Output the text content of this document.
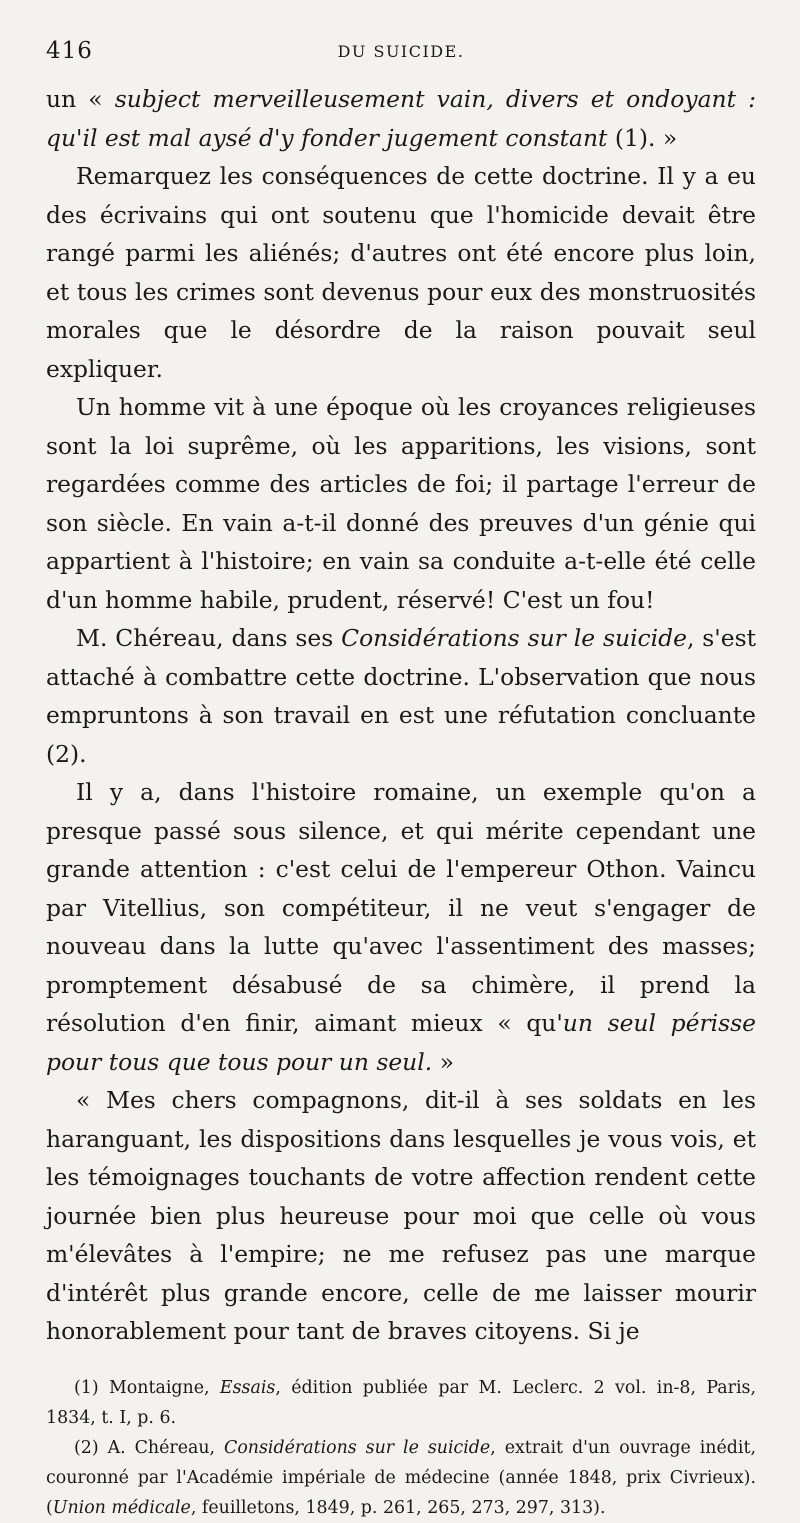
416	DU SUICIDE.

un « subject merveilleusement vain, divers et ondoyant : qu'il est mal aysé d'y fonder jugement constant (1). »

Remarquez les conséquences de cette doctrine. Il y a eu des écrivains qui ont soutenu que l'homicide devait être rangé parmi les aliénés; d'autres ont été encore plus loin, et tous les crimes sont devenus pour eux des monstruosités morales que le désordre de la raison pouvait seul expliquer.

Un homme vit à une époque où les croyances religieuses sont la loi suprême, où les apparitions, les visions, sont regardées comme des articles de foi; il partage l'erreur de son siècle. En vain a-t-il donné des preuves d'un génie qui appartient à l'histoire; en vain sa conduite a-t-elle été celle d'un homme habile, prudent, réservé! C'est un fou!

M. Chéreau, dans ses Considérations sur le suicide, s'est attaché à combattre cette doctrine. L'observation que nous empruntons à son travail en est une réfutation concluante (2).

Il y a, dans l'histoire romaine, un exemple qu'on a presque passé sous silence, et qui mérite cependant une grande attention : c'est celui de l'empereur Othon. Vaincu par Vitellius, son compétiteur, il ne veut s'engager de nouveau dans la lutte qu'avec l'assentiment des masses; promptement désabusé de sa chimère, il prend la résolution d'en finir, aimant mieux « qu'un seul périsse pour tous que tous pour un seul. »

« Mes chers compagnons, dit-il à ses soldats en les haranguant, les dispositions dans lesquelles je vous vois, et les témoignages touchants de votre affection rendent cette journée bien plus heureuse pour moi que celle où vous m'élevâtes à l'empire; ne me refusez pas une marque d'intérêt plus grande encore, celle de me laisser mourir honorablement pour tant de braves citoyens. Si je

(1) Montaigne, Essais, édition publiée par M. Leclerc. 2 vol. in-8, Paris, 1834, t. I, p. 6.

(2) A. Chéreau, Considérations sur le suicide, extrait d'un ouvrage inédit, couronné par l'Académie impériale de médecine (année 1848, prix Civrieux). (Union médicale, feuilletons, 1849, p. 261, 265, 273, 297, 313).
